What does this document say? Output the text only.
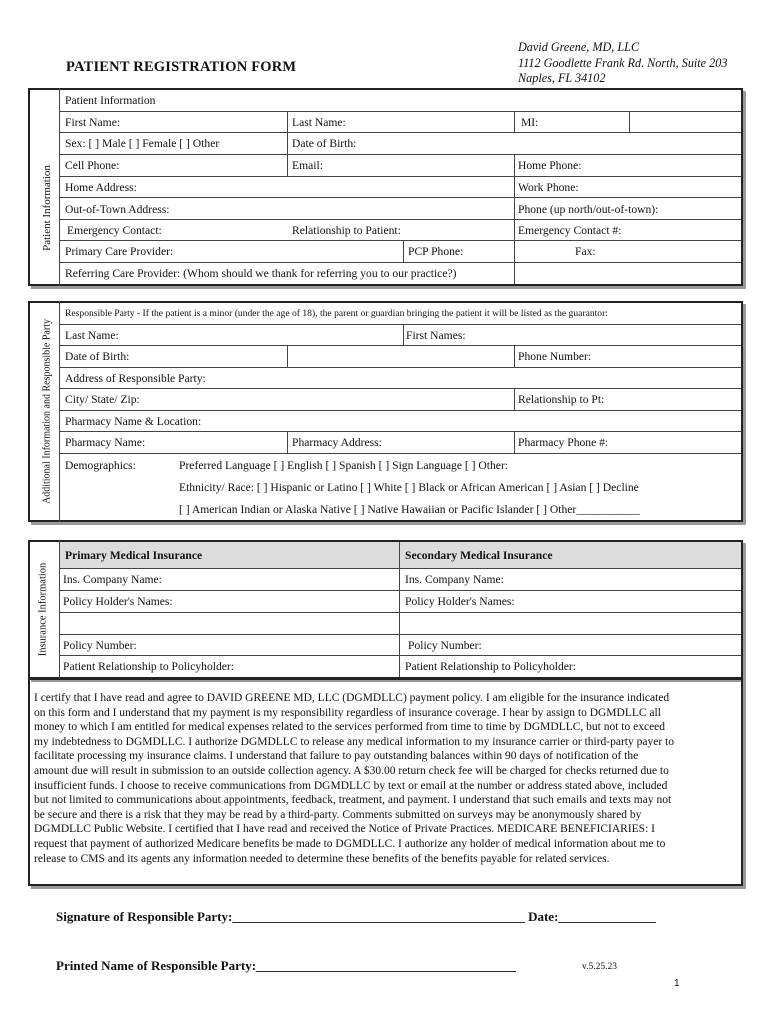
PATIENT REGISTRATION FORM
David Greene, MD, LLC
1112 Goodlette Frank Rd. North, Suite 203
Naples, FL 34102
Patient Information
Patient Information
First Name:	Last Name:	MI:
Sex: [ ] Male [ ] Female [ ] Other	Date of Birth:
Cell Phone:	Email:	Home Phone:
Home Address:	Work Phone:
Out-of-Town Address:	Phone (up north/out-of-town):
Emergency Contact:	Relationship to Patient:	Emergency Contact #:
Primary Care Provider:	PCP Phone:	Fax:
Referring Care Provider: (Whom should we thank for referring you to our practice?)
Additional Information and Responsible Party
Responsible Party - If the patient is a minor (under the age of 18), the parent or guardian bringing the patient it will be listed as the guarantor:
Last Name:	First Names:
Date of Birth:	Phone Number:
Address of Responsible Party:
City/ State/ Zip:	Relationship to Pt:
Pharmacy Name & Location:
Pharmacy Name:	Pharmacy Address:	Pharmacy Phone #:
Demographics:	Preferred Language [ ] English [ ] Spanish [ ] Sign Language [ ] Other:
Ethnicity/ Race: [ ] Hispanic or Latino [ ] White [ ] Black or African American [ ] Asian [ ] Decline
[ ] American Indian or Alaska Native [ ] Native Hawaiian or Pacific Islander [ ] Other___________
Insurance Information
Primary Medical Insurance	Secondary Medical Insurance
Ins. Company Name:	Ins. Company Name:
Policy Holder's Names:	Policy Holder's Names:
Policy Number:	Policy Number:
Patient Relationship to Policyholder:	Patient Relationship to Policyholder:
I certify that I have read and agree to DAVID GREENE MD, LLC (DGMDLLC) payment policy. I am eligible for the insurance indicated
on this form and I understand that my payment is my responsibility regardless of insurance coverage. I hear by assign to DGMDLLC all
money to which I am entitled for medical expenses related to the services performed from time to time by DGMDLLC, but not to exceed
my indebtedness to DGMDLLC. I authorize DGMDLLC to release any medical information to my insurance carrier or third-party payer to
facilitate processing my insurance claims. I understand that failure to pay outstanding balances within 90 days of notification of the
amount due will result in submission to an outside collection agency. A $30.00 return check fee will be charged for checks returned due to
insufficient funds. I choose to receive communications from DGMDLLC by text or email at the number or address stated above, included
but not limited to communications about appointments, feedback, treatment, and payment. I understand that such emails and texts may not
be secure and there is a risk that they may be read by a third-party. Comments submitted on surveys may be anonymously shared by
DGMDLLC Public Website. I certified that I have read and received the Notice of Private Practices. MEDICARE BENEFICIARIES: I
request that payment of authorized Medicare benefits be made to DGMDLLC. I authorize any holder of medical information about me to
release to CMS and its agents any information needed to determine these benefits of the benefits payable for related services.
Signature of Responsible Party:_____________________________________________ Date:_______________
Printed Name of Responsible Party:________________________________________	v.5.25.23
1
